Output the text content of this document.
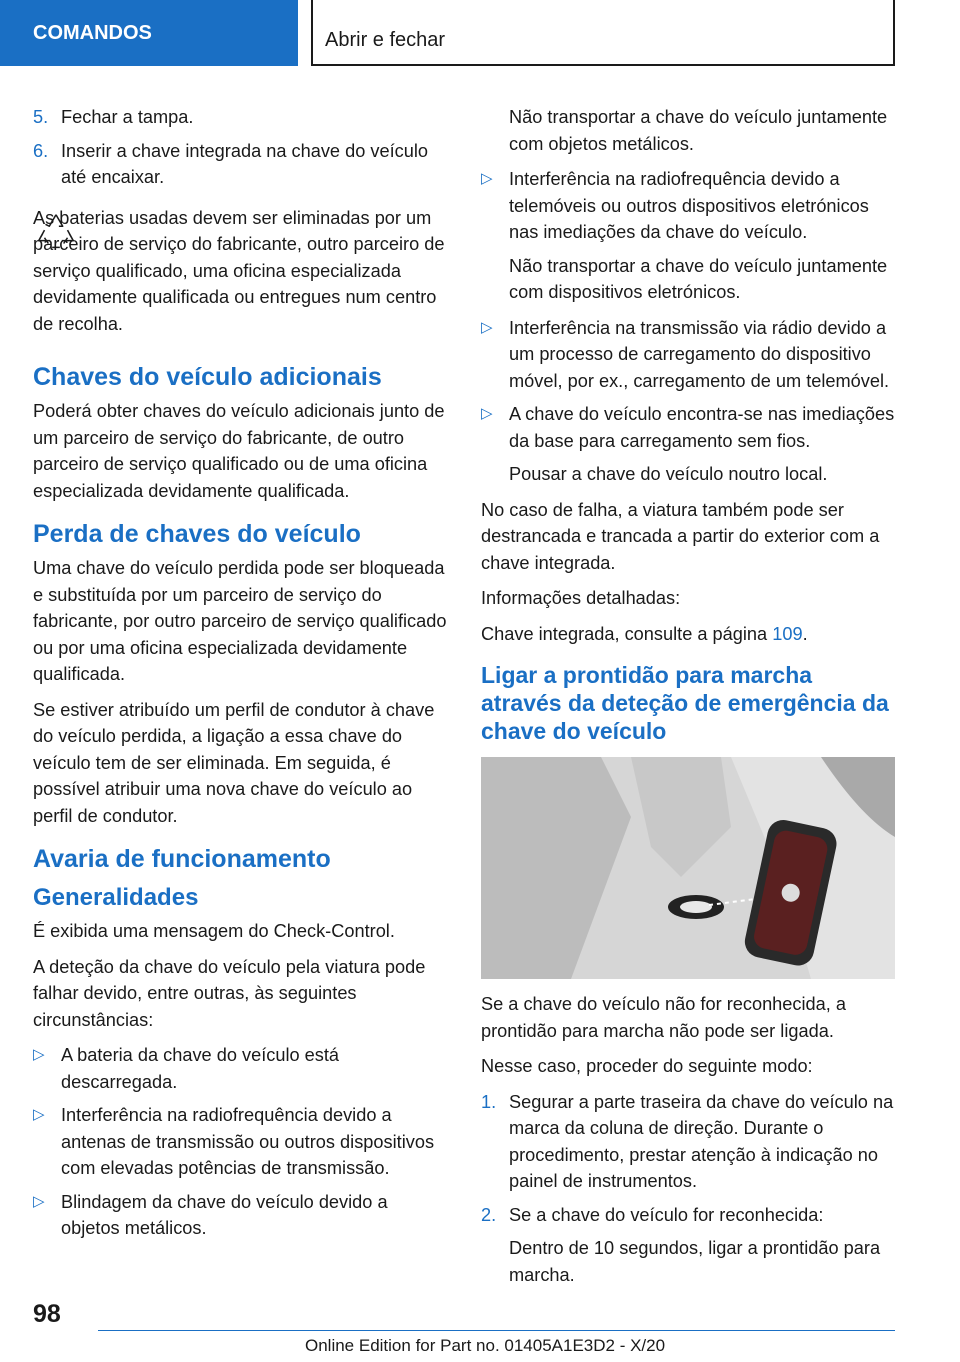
COMANDOS	Abrir e fechar
5. Fechar a tampa.
6. Inserir a chave integrada na chave do veículo até encaixar.

As baterias usadas devem ser eliminadas por um parceiro de serviço do fabricante, outro parceiro de serviço qualificado, uma oficina especializada devidamente qualificada ou entregues num centro de recolha.

Chaves do veículo adicionais

Poderá obter chaves do veículo adicionais junto de um parceiro de serviço do fabricante, de outro parceiro de serviço qualificado ou de uma oficina especializada devidamente qualificada.

Perda de chaves do veículo

Uma chave do veículo perdida pode ser bloqueada e substituída por um parceiro de serviço do fabricante, por outro parceiro de serviço qualificado ou por uma oficina especializada devidamente qualificada.

Se estiver atribuído um perfil de condutor à chave do veículo perdida, a ligação a essa chave do veículo tem de ser eliminada. Em seguida, é possível atribuir uma nova chave do veículo ao perfil de condutor.

Avaria de funcionamento
Generalidades

É exibida uma mensagem do Check-Control.

A deteção da chave do veículo pela viatura pode falhar devido, entre outras, às seguintes circunstâncias:

▷ A bateria da chave do veículo está descarregada.
▷ Interferência na radiofrequência devido a antenas de transmissão ou outros dispositivos com elevadas potências de transmissão.
▷ Blindagem da chave do veículo devido a objetos metálicos.

Não transportar a chave do veículo juntamente com objetos metálicos.

▷ Interferência na radiofrequência devido a telemóveis ou outros dispositivos eletrónicos nas imediações da chave do veículo.

Não transportar a chave do veículo juntamente com dispositivos eletrónicos.

▷ Interferência na transmissão via rádio devido a um processo de carregamento do dispositivo móvel, por ex., carregamento de um telemóvel.
▷ A chave do veículo encontra-se nas imediações da base para carregamento sem fios.

Pousar a chave do veículo noutro local.

No caso de falha, a viatura também pode ser destrancada e trancada a partir do exterior com a chave integrada.

Informações detalhadas:

Chave integrada, consulte a página 109.

Ligar a prontidão para marcha através da deteção de emergência da chave do veículo

Se a chave do veículo não for reconhecida, a prontidão para marcha não pode ser ligada.

Nesse caso, proceder do seguinte modo:

1. Segurar a parte traseira da chave do veículo na marca da coluna de direção. Durante o procedimento, prestar atenção à indicação no painel de instrumentos.
2. Se a chave do veículo for reconhecida:

Dentro de 10 segundos, ligar a prontidão para marcha.

98
Online Edition for Part no. 01405A1E3D2 - X/20
